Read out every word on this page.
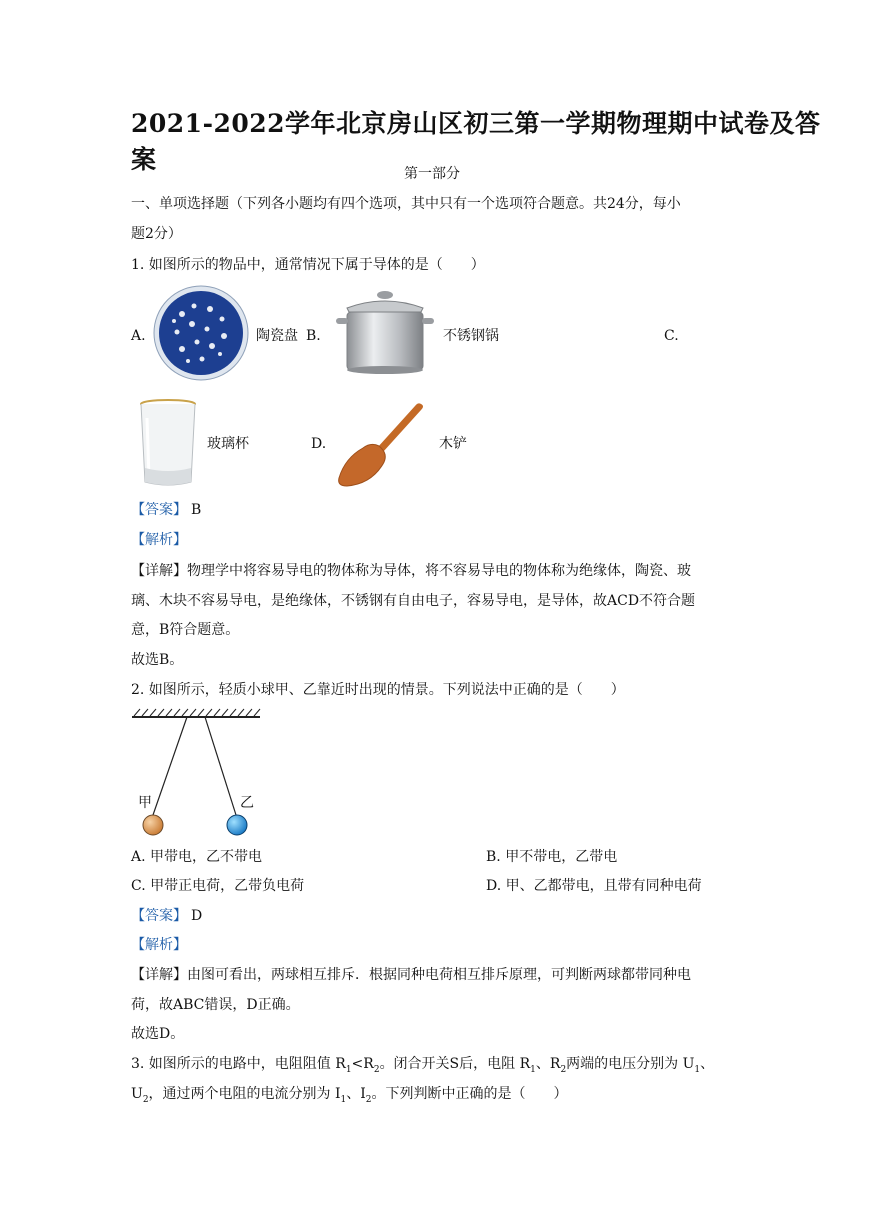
2021-2022学年北京房山区初三第一学期物理期中试卷及答
案	第一部分
一、单项选择题（下列各小题均有四个选项，其中只有一个选项符合题意。共24分，每小
题2分）
1. 如图所示的物品中，通常情况下属于导体的是（　　）
A.	陶瓷盘 B.	不锈钢锅	C.
玻璃杯	D.	木铲
【答案】 B
【解析】
【详解】物理学中将容易导电的物体称为导体，将不容易导电的物体称为绝缘体，陶瓷、玻
璃、木块不容易导电，是绝缘体，不锈钢有自由电子，容易导电，是导体，故ACD不符合题
意，B符合题意。
故选B。
2. 如图所示，轻质小球甲、乙靠近时出现的情景。下列说法中正确的是（　　）
甲	乙
A. 甲带电，乙不带电	B. 甲不带电，乙带电
C. 甲带正电荷，乙带负电荷	D. 甲、乙都带电，且带有同种电荷
【答案】 D
【解析】
【详解】由图可看出，两球相互排斥．根据同种电荷相互排斥原理，可判断两球都带同种电
荷，故ABC错误，D正确。
故选D。
3. 如图所示的电路中，电阻阻值 $R_1<R_2$。闭合开关S后，电阻 $R_1$、$R_2$两端的电压分别为 $U_1$、
$U_2$，通过两个电阻的电流分别为 $I_1$、$I_2$。下列判断中正确的是（　　）
